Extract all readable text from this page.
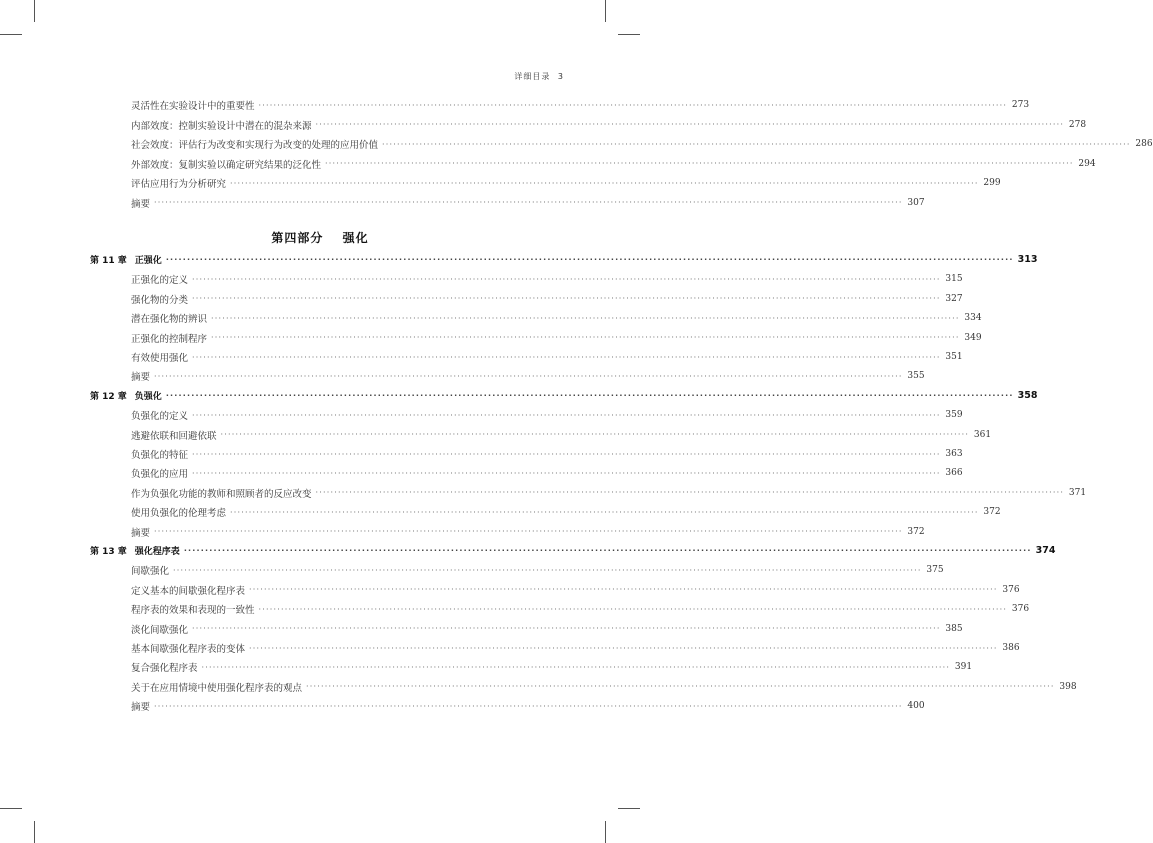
详细目录 3
灵活性在实验设计中的重要性 ········································································································································································································ 273
内部效度：控制实验设计中潜在的混杂来源 ········································································································································································································ 278
社会效度：评估行为改变和实现行为改变的处理的应用价值 ········································································································································································································ 286
外部效度：复制实验以确定研究结果的泛化性 ········································································································································································································ 294
评估应用行为分析研究 ········································································································································································································ 299
摘要 ········································································································································································································ 307
第 11 章 正强化 ········································································································································································································ 313
正强化的定义 ········································································································································································································ 315
强化物的分类 ········································································································································································································ 327
潜在强化物的辨识 ········································································································································································································ 334
正强化的控制程序 ········································································································································································································ 349
有效使用强化 ········································································································································································································ 351
摘要 ········································································································································································································ 355
第 12 章 负强化 ········································································································································································································ 358
负强化的定义 ········································································································································································································ 359
逃避依联和回避依联 ········································································································································································································ 361
负强化的特征 ········································································································································································································ 363
负强化的应用 ········································································································································································································ 366
作为负强化功能的教师和照顾者的反应改变 ········································································································································································································ 371
使用负强化的伦理考虑 ········································································································································································································ 372
摘要 ········································································································································································································ 372
第 13 章 强化程序表 ········································································································································································································ 374
间歇强化 ········································································································································································································ 375
定义基本的间歇强化程序表 ········································································································································································································ 376
程序表的效果和表现的一致性 ········································································································································································································ 376
淡化间歇强化 ········································································································································································································ 385
基本间歇强化程序表的变体 ········································································································································································································ 386
复合强化程序表 ········································································································································································································ 391
关于在应用情境中使用强化程序表的观点 ········································································································································································································ 398
摘要 ········································································································································································································ 400
第四部分 强化
